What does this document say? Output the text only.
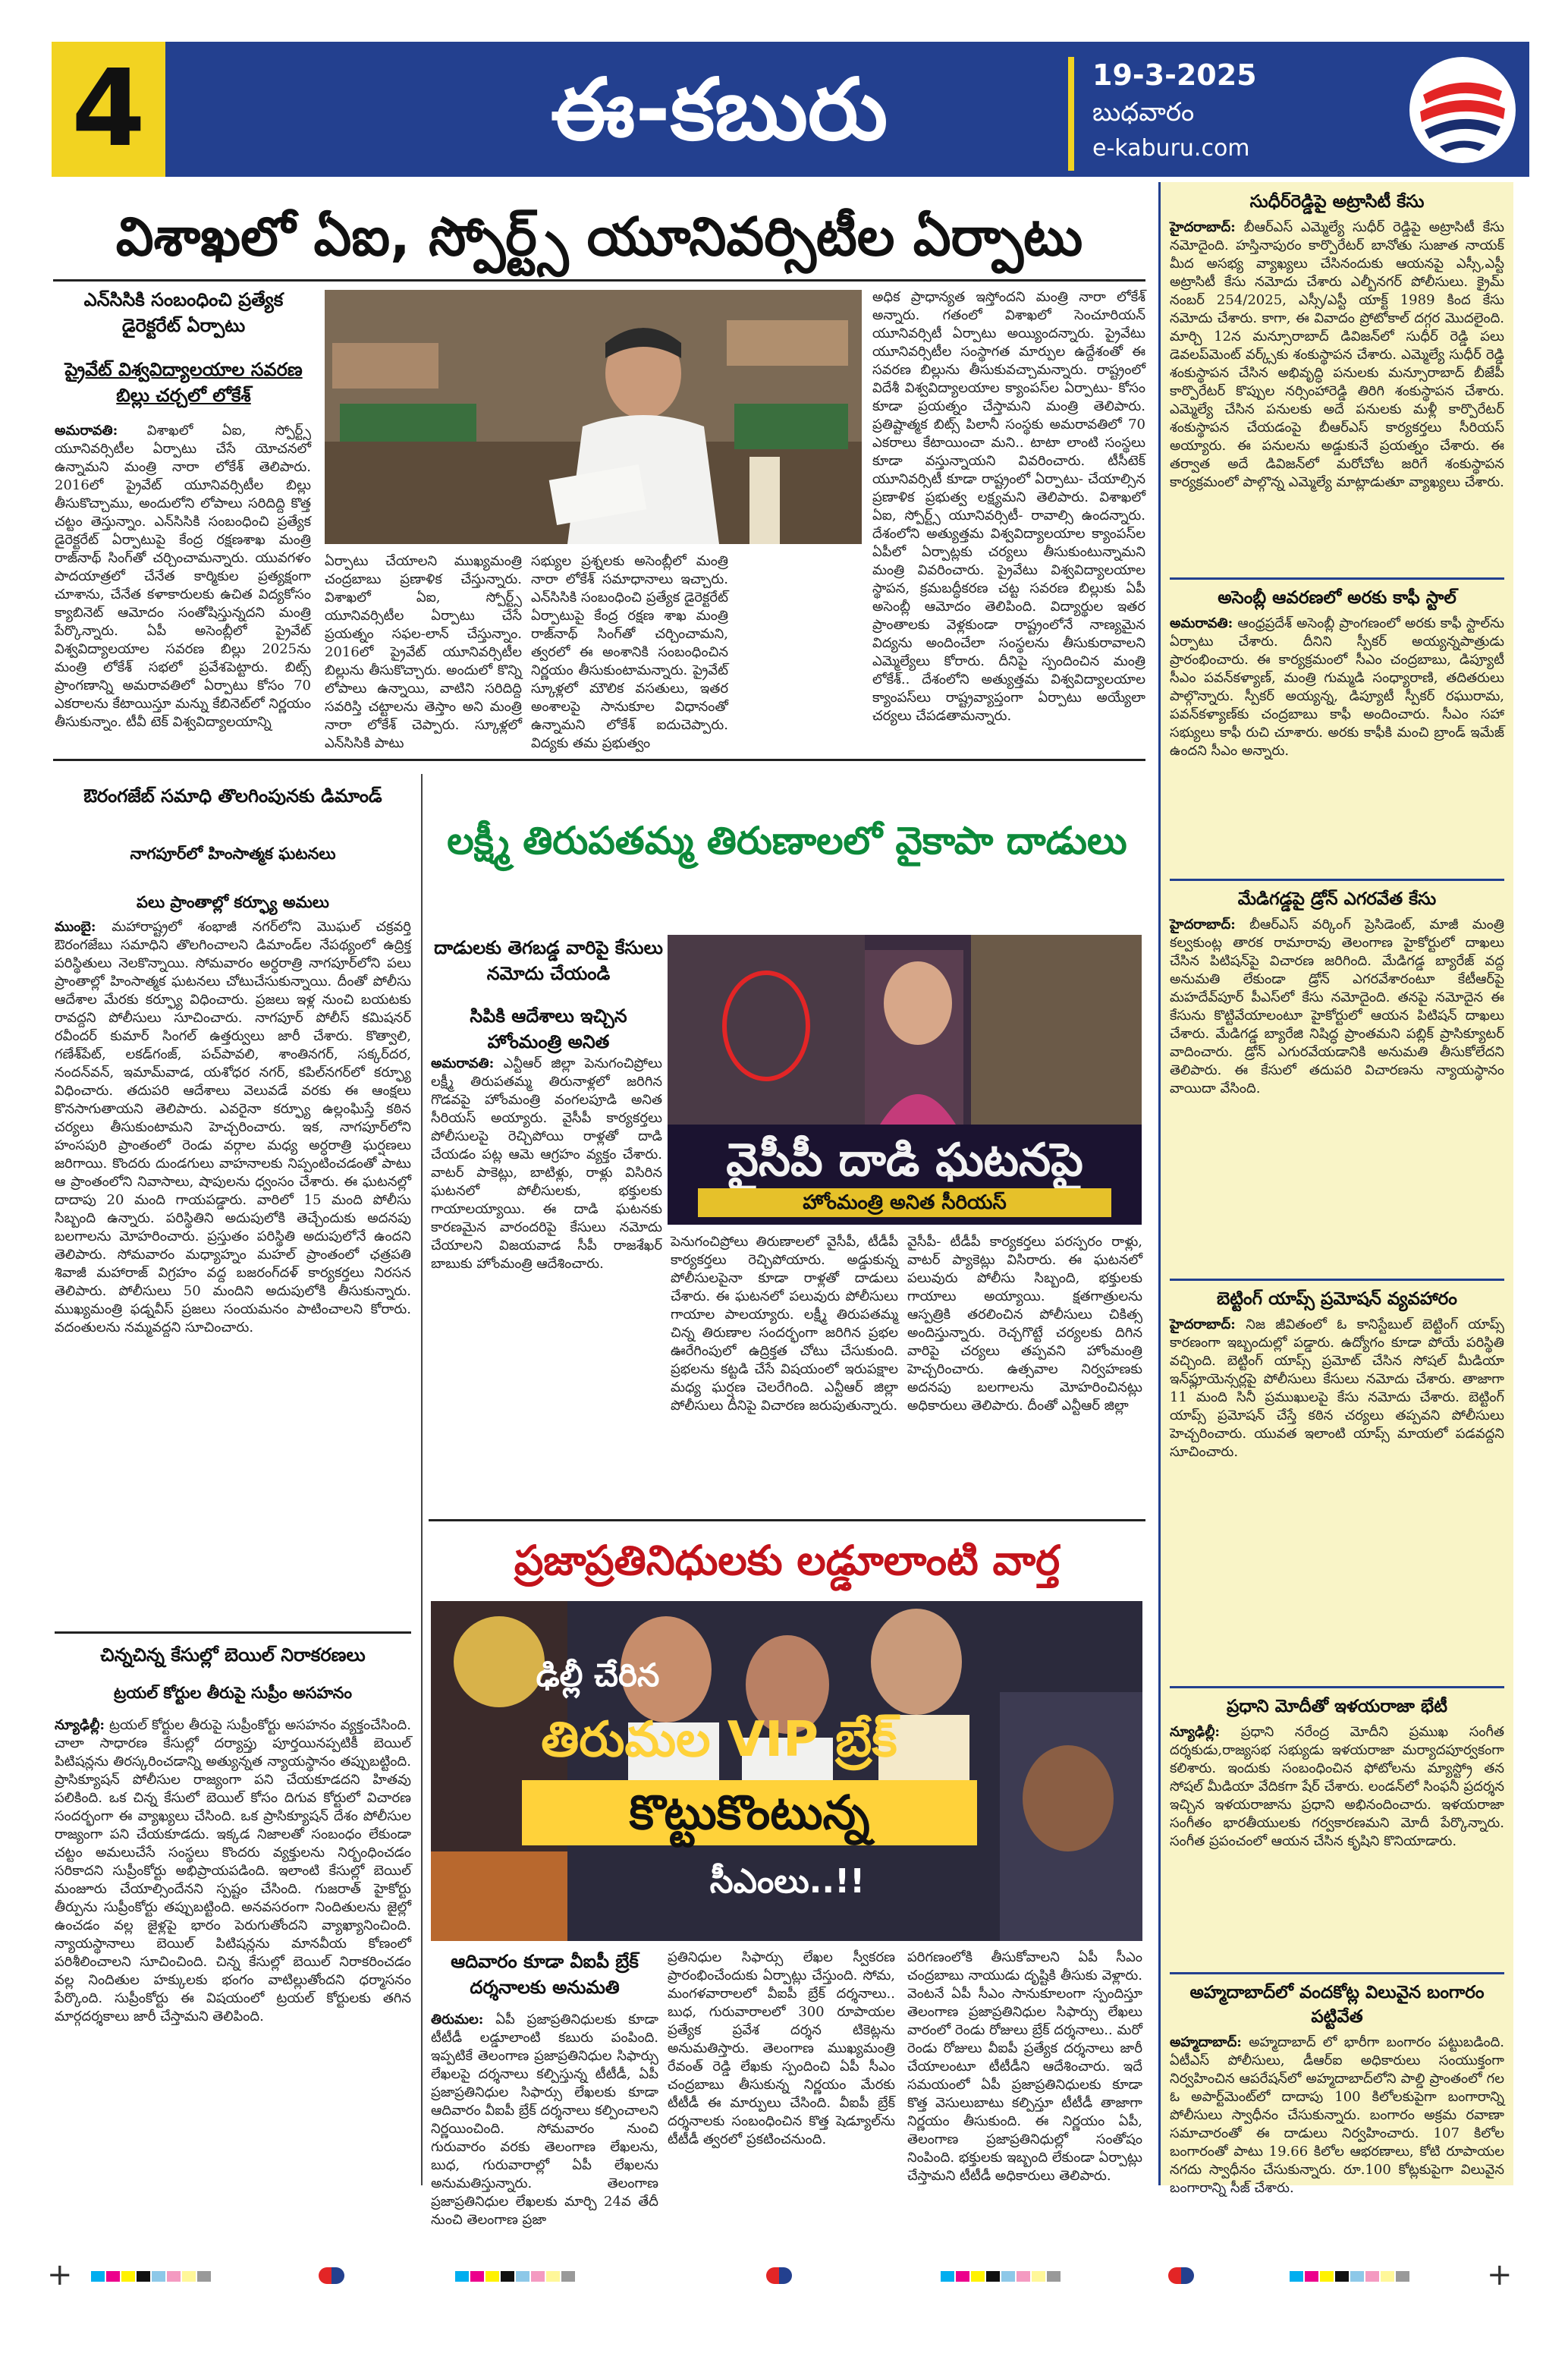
4	ఈ-కబురు	19-3-2025
బుధవారం
e-kaburu.com
విశాఖలో ఏఐ, స్పోర్ట్స్ యూనివర్సిటీల ఏర్పాటు
ఎన్‌సిసికి సంబంధించి ప్రత్యేక డైరెక్టరేట్ ఏర్పాటు
ప్రైవేట్ విశ్వవిద్యాలయాల సవరణ బిల్లు చర్చలో లోకేశ్
అమరావతి: విశాఖలో ఏఐ, స్పోర్ట్స్ యూనివర్సిటీల ఏర్పాటు చేసే యోచనలో ఉన్నామని మంత్రి నారా లోకేశ్ తెలిపారు. 2016లో ప్రైవేట్ యూనివర్సిటీల బిల్లు తీసుకొచ్చాము, అందులోని లోపాలు సరిదిద్ది కొత్త చట్టం తెస్తున్నాం. ఎన్‌సిసికి సంబంధించి ప్రత్యేక డైరెక్టరేట్ ఏర్పాటుపై కేంద్ర రక్షణశాఖ మంత్రి రాజ్‌నాథ్ సింగ్‌తో చర్చించామన్నారు. యువగళం పాదయాత్రలో చేనేత కార్మికుల ప్రత్యక్షంగా చూశాను, చేనేత కళాకారులకు ఉచిత విద్యకోసం క్యాబినెట్ ఆమోదం సంతోషిస్తున్నదని మంత్రి పేర్కొన్నారు. ఏపీ అసెంబ్లీలో ప్రైవేట్ విశ్వవిద్యాలయాల సవరణ బిల్లు 2025ను మంత్రి లోకేశ్ సభలో ప్రవేశపెట్టారు. బిట్స్ ప్రాంగణాన్ని అమరావతిలో ఏర్పాటు కోసం 70 ఎకరాలను కేటాయిస్తూ మన్ను కేబినెట్‌లో నిర్ణయం తీసుకున్నాం. టీవీ టెక్ విశ్వవిద్యాలయాన్ని
ఏర్పాటు చేయాలని ముఖ్యమంత్రి చంద్రబాబు ప్రణాళిక చేస్తున్నారు. విశాఖలో ఏఐ, స్పోర్ట్స్ యూనివర్సిటీల ఏర్పాటు చేసే ప్రయత్నం సఫల-లాన్ చేస్తున్నాం. 2016లో ప్రైవేట్ యూనివర్సిటీల బిల్లును తీసుకొచ్చారు. అందులో కొన్ని లోపాలు ఉన్నాయి, వాటిని సరిదిద్ది సవరిస్తి చట్టాలను తెస్తాం అని మంత్రి నారా లోకేశ్ చెప్పారు. స్కూళ్లలో ఎన్‌సిసికి పాటు
సభ్యుల ప్రశ్నలకు అసెంబ్లీలో మంత్రి నారా లోకేశ్ సమాధానాలు ఇచ్చారు. ఎన్‌సిసికి సంబంధించి ప్రత్యేక డైరెక్టరేట్ ఏర్పాటుపై కేంద్ర రక్షణ శాఖ మంత్రి రాజ్‌నాథ్ సింగ్‌తో చర్చించామని, త్వరలో ఈ అంశానికి సంబంధించిన నిర్ణయం తీసుకుంటామన్నారు. ప్రైవేట్ స్కూళ్లలో మౌలిక వసతులు, ఇతర అంశాలపై సానుకూల విధానంతో ఉన్నామని లోకేశ్ ఐదుచెప్పారు. విద్యకు తమ ప్రభుత్వం
అధిక ప్రాధాన్యత ఇస్తోందని మంత్రి నారా లోకేశ్ అన్నారు. గతంలో విశాఖలో సెంచూరియన్ యూనివర్సిటీ ఏర్పాటు అయ్యిందన్నారు. ప్రైవేటు యూనివర్సిటీల సంస్థాగత మార్పుల ఉద్దేశంతో ఈ సవరణ బిల్లును తీసుకువచ్చామన్నారు. రాష్ట్రంలో విదేశీ విశ్వవిద్యాలయాల క్యాంపస్‌ల ఏర్పాటు- కోసం కూడా ప్రయత్నం చేస్తామని మంత్రి తెలిపారు. ప్రతిష్టాత్మక బిట్స్ పిలానీ సంస్థకు అమరావతిలో 70 ఎకరాలు కేటాయించా మని.. టాటా లాంటి సంస్థలు కూడా వస్తున్నాయని వివరించారు. టీసీటెక్ యూనివర్సిటీ కూడా రాష్ట్రంలో ఏర్పాటు- చేయాల్సిన ప్రణాళిక ప్రభుత్వ లక్ష్యమని తెలిపారు. విశాఖలో ఏఐ, స్పోర్ట్స్ యూనివర్సిటీ- రావాల్సి ఉందన్నారు. దేశంలోని అత్యుత్తమ విశ్వవిద్యాలయాల క్యాంపస్‌ల ఏపీలో ఏర్పాట్లకు చర్యలు తీసుకుంటున్నామని మంత్రి వివరించారు. ప్రైవేటు విశ్వవిద్యాలయాల స్థాపన, క్రమబద్ధీకరణ చట్ట సవరణ బిల్లుకు ఏపీ అసెంబ్లీ ఆమోదం తెలిపింది. విద్యార్థుల ఇతర ప్రాంతాలకు వెళ్లకుండా రాష్ట్రంలోనే నాణ్యమైన విద్యను అందించేలా సంస్థలను తీసుకురావాలని ఎమ్మెల్యేలు కోరారు. దీనిపై స్పందించిన మంత్రి లోకేశ్.. దేశంలోని అత్యుత్తమ విశ్వవిద్యాలయాల క్యాంపస్‌లు రాష్ట్రవ్యాప్తంగా ఏర్పాటు అయ్యేలా చర్యలు చేపడతామన్నారు.
ఔరంగజేబ్ సమాధి తొలగింపునకు డిమాండ్
నాగపూర్‌లో హింసాత్మక ఘటనలు
పలు ప్రాంతాల్లో కర్ఫ్యూ అమలు
ముంబై: మహారాష్ట్రలో శంభాజీ నగర్‌లోని మొఘల్ చక్రవర్తి ఔరంగజేబు సమాధిని తొలగించాలని డిమాండ్‌ల నేపథ్యంలో ఉద్రిక్త పరిస్థితులు నెలకొన్నాయి. సోమవారం అర్ధరాత్రి నాగపూర్‌లోని పలు ప్రాంతాల్లో హింసాత్మక ఘటనలు చోటుచేసుకున్నాయి. దీంతో పోలీసు ఆదేశాల మేరకు కర్ఫ్యూ విధించారు. ప్రజలు ఇళ్ల నుంచి బయటకు రావద్దని పోలీసులు సూచించారు. నాగపూర్ పోలీస్ కమిషనర్ రవీందర్ కుమార్ సింగల్ ఉత్తర్వులు జారీ చేశారు. కొత్వాలి, గణేశ్‌పేట్, లకడ్‌గంజ్, పచ్‌పావలి, శాంతినగర్, సక్కర్‌దర, నందన్‌వన్, ఇమామ్‌వాడ, యశోధర నగర్, కపిల్‌నగర్‌లో కర్ఫ్యూ విధించారు. తదుపరి ఆదేశాలు వెలువడే వరకు ఈ ఆంక్షలు కొనసాగుతాయని తెలిపారు. ఎవరైనా కర్ఫ్యూ ఉల్లంఘిస్తే కఠిన చర్యలు తీసుకుంటామని హెచ్చరించారు. ఇక, నాగపూర్‌లోని హంసపురి ప్రాంతంలో రెండు వర్గాల మధ్య అర్ధరాత్రి ఘర్షణలు జరిగాయి. కొందరు దుండగులు వాహనాలకు నిప్పంటించడంతో పాటు ఆ ప్రాంతంలోని నివాసాలు, షాపులను ధ్వంసం చేశారు. ఈ ఘటనల్లో దాదాపు 20 మంది గాయపడ్డారు. వారిలో 15 మంది పోలీసు సిబ్బంది ఉన్నారు. పరిస్థితిని అదుపులోకి తెచ్చేందుకు అదనపు బలగాలను మోహరించారు. ప్రస్తుతం పరిస్థితి అదుపులోనే ఉందని తెలిపారు. సోమవారం మధ్యాహ్నం మహల్ ప్రాంతంలో ఛత్రపతి శివాజీ మహారాజ్ విగ్రహం వద్ద బజరంగ్‌దళ్ కార్యకర్తలు నిరసన తెలిపారు. పోలీసులు 50 మందిని అదుపులోకి తీసుకున్నారు. ముఖ్యమంత్రి ఫడ్నవీస్ ప్రజలు సంయమనం పాటించాలని కోరారు. వదంతులను నమ్మవద్దని సూచించారు.
చిన్నచిన్న కేసుల్లో బెయిల్ నిరాకరణలు
ట్రయల్ కోర్టుల తీరుపై సుప్రీం అసహనం
న్యూఢిల్లీ: ట్రయల్ కోర్టుల తీరుపై సుప్రీంకోర్టు అసహనం వ్యక్తంచేసింది. చాలా సాధారణ కేసుల్లో దర్యాప్తు పూర్తయినప్పటికీ బెయిల్ పిటిషన్లను తిరస్కరించడాన్ని అత్యున్నత న్యాయస్థానం తప్పుబట్టింది. ప్రాసిక్యూషన్ పోలీసుల రాజ్యంగా పని చేయకూడదని హితవు పలికింది. ఒక చిన్న కేసులో బెయిల్ కోసం దిగువ కోర్టులో విచారణ సందర్భంగా ఈ వ్యాఖ్యలు చేసింది. ఒక ప్రాసిక్యూషన్ దేశం పోలీసుల రాజ్యంగా పని చేయకూడదు. ఇక్కడ నిజాలతో సంబంధం లేకుండా చట్టం అమలుచేసే సంస్థలు కొందరు వ్యక్తులను నిర్బంధించడం సరికాదని సుప్రీంకోర్టు అభిప్రాయపడింది. ఇలాంటి కేసుల్లో బెయిల్ మంజూరు చేయాల్సిందేనని స్పష్టం చేసింది. గుజరాత్ హైకోర్టు తీర్పును సుప్రీంకోర్టు తప్పుబట్టింది. అనవసరంగా నిందితులను జైల్లో ఉంచడం వల్ల జైళ్లపై భారం పెరుగుతోందని వ్యాఖ్యానించింది. న్యాయస్థానాలు బెయిల్ పిటిషన్లను మానవీయ కోణంలో పరిశీలించాలని సూచించింది. చిన్న కేసుల్లో బెయిల్ నిరాకరించడం వల్ల నిందితుల హక్కులకు భంగం వాటిల్లుతోందని ధర్మాసనం పేర్కొంది. సుప్రీంకోర్టు ఈ విషయంలో ట్రయల్ కోర్టులకు తగిన మార్గదర్శకాలు జారీ చేస్తామని తెలిపింది.
లక్ష్మీ తిరుపతమ్మ తిరుణాలలో వైకాపా దాడులు
దాడులకు తెగబడ్డ వారిపై కేసులు నమోదు చేయండి
సిపికి ఆదేశాలు ఇచ్చిన హోంమంత్రి అనిత
వైసీపీ దాడి ఘటనపై
హోంమంత్రి అనిత సీరియస్
అమరావతి: ఎన్టీఆర్ జిల్లా పెనుగంచిప్రోలు లక్ష్మీ తిరుపతమ్మ తిరునాళ్లలో జరిగిన గొడవపై హోంమంత్రి వంగలపూడి అనిత సీరియస్ అయ్యారు. వైసీపీ కార్యకర్తలు పోలీసులపై రెచ్చిపోయి రాళ్లతో దాడి చేయడం పట్ల ఆమె ఆగ్రహం వ్యక్తం చేశారు. వాటర్ పాకెట్లు, బాటిళ్లు, రాళ్లు విసిరిన ఘటనలో పోలీసులకు, భక్తులకు గాయాలయ్యాయి. ఈ దాడి ఘటనకు కారణమైన వారందరిపై కేసులు నమోదు చేయాలని విజయవాడ సీపీ రాజశేఖర్ బాబుకు హోంమంత్రి ఆదేశించారు.
పెనుగంచిప్రోలు తిరుణాలలో వైసీపీ, టీడీపీ కార్యకర్తలు రెచ్చిపోయారు. అడ్డుకున్న పోలీసులపైనా కూడా రాళ్లతో దాడులు చేశారు. ఈ ఘటనలో పలువురు పోలీసులు గాయాల పాలయ్యారు. లక్ష్మీ తిరుపతమ్మ చిన్న తిరుణాల సందర్భంగా జరిగిన ప్రభల ఊరేగింపులో ఉద్రిక్తత చోటు చేసుకుంది. ప్రభలను కట్టడి చేసే విషయంలో ఇరుపక్షాల మధ్య ఘర్షణ చెలరేగింది. ఎన్టీఆర్ జిల్లా పోలీసులు దీనిపై విచారణ జరుపుతున్నారు.
వైసీపీ- టీడీపీ కార్యకర్తలు పరస్పరం రాళ్లు, వాటర్ ప్యాకెట్లు విసిరారు. ఈ ఘటనలో పలువురు పోలీసు సిబ్బంది, భక్తులకు గాయాలు అయ్యాయి. క్షతగాత్రులను ఆస్పత్రికి తరలించిన పోలీసులు చికిత్స అందిస్తున్నారు. రెచ్చగొట్టే చర్యలకు దిగిన వారిపై చర్యలు తప్పవని హోంమంత్రి హెచ్చరించారు. ఉత్సవాల నిర్వహణకు అదనపు బలగాలను మోహరించినట్లు అధికారులు తెలిపారు. దీంతో ఎన్టీఆర్ జిల్లా
ప్రజాప్రతినిధులకు లడ్డూలాంటి వార్త
ఢిల్లీ చేరిన
తిరుమల VIP బ్రేక్
కొట్టుకొంటున్న
సీఎంలు..!!
ఆదివారం కూడా వీఐపీ బ్రేక్ దర్శనాలకు అనుమతి
తిరుమల: ఏపీ ప్రజాప్రతినిధులకు కూడా టీటీడీ లడ్డూలాంటి కబురు పంపింది. ఇప్పటికే తెలంగాణ ప్రజాప్రతినిధుల సిఫార్సు లేఖలపై దర్శనాలు కల్పిస్తున్న టీటీడీ, ఏపీ ప్రజాప్రతినిధుల సిఫార్సు లేఖలకు కూడా ఆదివారం వీఐపీ బ్రేక్ దర్శనాలు కల్పించాలని నిర్ణయించింది. సోమవారం నుంచి గురువారం వరకు తెలంగాణ లేఖలను, బుధ, గురువారాల్లో ఏపీ లేఖలను అనుమతిస్తున్నారు. తెలంగాణ ప్రజాప్రతినిధుల లేఖలకు మార్చి 24వ తేదీ నుంచి తెలంగాణ ప్రజా
ప్రతినిధుల సిఫార్సు లేఖల స్వీకరణ ప్రారంభించేందుకు ఏర్పాట్లు చేస్తుంది. సోమ, మంగళవారాలలో వీఐపీ బ్రేక్ దర్శనాలు.. బుధ, గురువారాలలో 300 రూపాయల ప్రత్యేక ప్రవేశ దర్శన టికెట్లను అనుమతిస్తారు. తెలంగాణ ముఖ్యమంత్రి రేవంత్ రెడ్డి లేఖకు స్పందించి ఏపీ సీఎం చంద్రబాబు తీసుకున్న నిర్ణయం మేరకు టీటీడీ ఈ మార్పులు చేసింది. వీఐపీ బ్రేక్ దర్శనాలకు సంబంధించిన కొత్త షెడ్యూల్‌ను టీటీడీ త్వరలో ప్రకటించనుంది.
పరిగణంలోకి తీసుకోవాలని ఏపీ సీఎం చంద్రబాబు నాయుడు దృష్టికి తీసుకు వెళ్లారు. వెంటనే ఏపీ సీఎం సానుకూలంగా స్పందిస్తూ తెలంగాణ ప్రజాప్రతినిధుల సిఫార్సు లేఖలు వారంలో రెండు రోజులు బ్రేక్ దర్శనాలు.. మరో రెండు రోజులు వీఐపీ ప్రత్యేక దర్శనాలు జారీ చేయాలంటూ టీటీడీని ఆదేశించారు. ఇదే సమయంలో ఏపీ ప్రజాప్రతినిధులకు కూడా కొత్త వెసులుబాటు కల్పిస్తూ టీటీడీ తాజాగా నిర్ణయం తీసుకుంది. ఈ నిర్ణయం ఏపీ, తెలంగాణ ప్రజాప్రతినిధుల్లో సంతోషం నింపింది. భక్తులకు ఇబ్బంది లేకుండా ఏర్పాట్లు చేస్తామని టీటీడీ అధికారులు తెలిపారు.
సుధీర్‌రెడ్డిపై అట్రాసిటీ కేసు
హైదరాబాద్: బీఆర్ఎస్ ఎమ్మెల్యే సుధీర్ రెడ్డిపై అట్రాసిటీ కేసు నమోదైంది. హస్తినాపురం కార్పొరేటర్ బానోతు సుజాత నాయక్ మీద అసభ్య వ్యాఖ్యలు చేసినందుకు ఆయనపై ఎస్సీ,ఎస్టీ అట్రాసిటీ కేసు నమోదు చేశారు ఎల్బీనగర్ పోలీసులు. క్రైమ్ నంబర్ 254/2025, ఎస్సీ/ఎస్టీ యాక్ట్ 1989 కింద కేసు నమోదు చేశారు. కాగా, ఈ వివాదం ప్రోటోకాల్ దగ్గర మొదలైంది. మార్చి 12న మన్సూరాబాద్ డివిజన్‌లో సుధీర్ రెడ్డి పలు డెవలప్‌మెంట్ వర్క్స్‌కు శంకుస్థాపన చేశారు. ఎమ్మెల్యే సుధీర్ రెడ్డి శంకుస్థాపన చేసిన అభివృద్ధి పనులకు మన్సూరాబాద్ బీజేపీ కార్పొరేటర్ కొప్పుల నర్సింహారెడ్డి తిరిగి శంకుస్థాపన చేశారు. ఎమ్మెల్యే చేసిన పనులకు అదే పనులకు మళ్లీ కార్పొరేటర్ శంకుస్థాపన చేయడంపై బీఆర్ఎస్ కార్యకర్తలు సీరియస్ అయ్యారు. ఈ పనులను అడ్డుకునే ప్రయత్నం చేశారు. ఈ తర్వాత అదే డివిజన్‌లో మరోచోట జరిగే శంకుస్థాపన కార్యక్రమంలో పాల్గొన్న ఎమ్మెల్యే మాట్లాడుతూ వ్యాఖ్యలు చేశారు.
అసెంబ్లీ ఆవరణలో అరకు కాఫీ స్టాల్
అమరావతి: ఆంధ్రప్రదేశ్ అసెంబ్లీ ప్రాంగణంలో అరకు కాఫీ స్టాల్‌ను ఏర్పాటు చేశారు. దీనిని స్పీకర్ అయ్యన్నపాత్రుడు ప్రారంభించారు. ఈ కార్యక్రమంలో సీఎం చంద్రబాబు, డిప్యూటీ సీఎం పవన్‌కళ్యాణ్, మంత్రి గుమ్మడి సంధ్యారాణి, తదితరులు పాల్గొన్నారు. స్పీకర్ అయ్యన్న, డిప్యూటీ స్పీకర్ రఘురామ, పవన్‌కళ్యాణ్‌కు చంద్రబాబు కాఫీ అందించారు. సీఎం సహా సభ్యులు కాఫీ రుచి చూశారు. అరకు కాఫీకి మంచి బ్రాండ్ ఇమేజ్ ఉందని సీఎం అన్నారు.
మేడిగడ్డపై డ్రోన్ ఎగరవేత కేసు
హైదరాబాద్: బీఆర్ఎస్ వర్కింగ్ ప్రెసిడెంట్, మాజీ మంత్రి కల్వకుంట్ల తారక రామారావు తెలంగాణ హైకోర్టులో దాఖలు చేసిన పిటిషన్‌పై విచారణ జరిగింది. మేడిగడ్డ బ్యారేజ్ వద్ద అనుమతి లేకుండా డ్రోన్ ఎగరవేశారంటూ కేటీఆర్‌పై మహదేవ్‌పూర్ పీఎస్‌లో కేసు నమోదైంది. తనపై నమోదైన ఈ కేసును కొట్టివేయాలంటూ హైకోర్టులో ఆయన పిటిషన్ దాఖలు చేశారు. మేడిగడ్డ బ్యారేజి నిషిద్ధ ప్రాంతమని పబ్లిక్ ప్రాసిక్యూటర్ వాదించారు. డ్రోన్ ఎగురవేయడానికి అనుమతి తీసుకోలేదని తెలిపారు. ఈ కేసులో తదుపరి విచారణను న్యాయస్థానం వాయిదా వేసింది.
బెట్టింగ్ యాప్స్ ప్రమోషన్ వ్యవహారం
హైదరాబాద్: నిజ జీవితంలో ఓ కానిస్టేబుల్ బెట్టింగ్ యాప్స్ కారణంగా ఇబ్బందుల్లో పడ్డారు. ఉద్యోగం కూడా పోయే పరిస్థితి వచ్చింది. బెట్టింగ్ యాప్స్ ప్రమోట్ చేసిన సోషల్ మీడియా ఇన్‌ఫ్లూయెన్సర్లపై పోలీసులు కేసులు నమోదు చేశారు. తాజాగా 11 మంది సినీ ప్రముఖులపై కేసు నమోదు చేశారు. బెట్టింగ్ యాప్స్ ప్రమోషన్ చేస్తే కఠిన చర్యలు తప్పవని పోలీసులు హెచ్చరించారు. యువత ఇలాంటి యాప్స్ మాయలో పడవద్దని సూచించారు.
ప్రధాని మోదీతో ఇళయరాజా భేటీ
న్యూఢిల్లీ: ప్రధాని నరేంద్ర మోదీని ప్రముఖ సంగీత దర్శకుడు,రాజ్యసభ సభ్యుడు ఇళయరాజా మర్యాదపూర్వకంగా కలిశారు. ఇందుకు సంబంధించిన ఫోటోలను మ్యాస్ట్రో తన సోషల్ మీడియా వేదికగా షేర్ చేశారు. లండన్‌లో సింఫనీ ప్రదర్శన ఇచ్చిన ఇళయరాజాను ప్రధాని అభినందించారు. ఇళయరాజా సంగీతం భారతీయులకు గర్వకారణమని మోదీ పేర్కొన్నారు. సంగీత ప్రపంచంలో ఆయన చేసిన కృషిని కొనియాడారు.
అహ్మదాబాద్‌లో వందకోట్ల విలువైన బంగారం పట్టివేత
అహ్మదాబాద్: అహ్మదాబాద్ లో భారీగా బంగారం పట్టుబడింది. ఏటీఎస్ పోలీసులు, డీఆర్ఐ అధికారులు సంయుక్తంగా నిర్వహించిన ఆపరేషన్‌లో అహ్మదాబాద్‌లోని పాల్డి ప్రాంతంలో గల ఓ అపార్ట్‌మెంట్‌లో దాదాపు 100 కిలోలకుపైగా బంగారాన్ని పోలీసులు స్వాధీనం చేసుకున్నారు. బంగారం అక్రమ రవాణా సమాచారంతో ఈ దాడులు నిర్వహించారు. 107 కిలోల బంగారంతో పాటు 19.66 కిలోల ఆభరణాలు, కోటి రూపాయల నగదు స్వాధీనం చేసుకున్నారు. రూ.100 కోట్లకుపైగా విలువైన బంగారాన్ని సీజ్ చేశారు.
+	+
